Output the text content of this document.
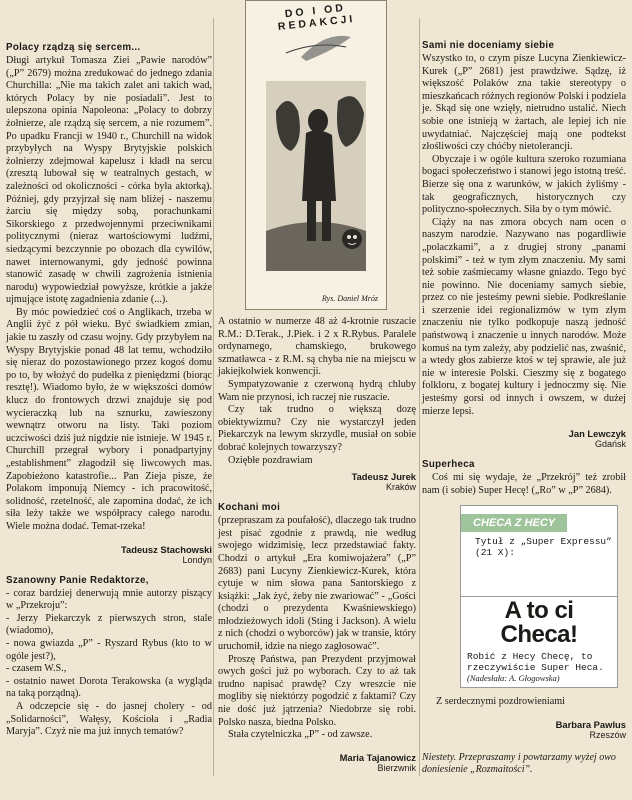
DO I OD REDAKCJI
Rys. Daniel Mróz
Polacy rządzą się sercem...

Długi artykuł Tomasza Ziei „Pawie narodów” („P” 2679) można zredukować do jednego zdania Churchilla: „Nie ma takich zalet ani takich wad, których Polacy by nie posiadali”. Jest to ulepszona opinia Napoleona: „Polacy to dobrzy żołnierze, ale rządzą się sercem, a nie rozumem”. Po upadku Francji w 1940 r., Churchill na widok przybyłych na Wyspy Brytyjskie polskich żołnierzy zdejmował kapelusz i kładł na sercu (zresztą lubował się w teatralnych gestach, w zależności od okoliczności - córka była aktorką). Później, gdy przyjrzał się nam bliżej - naszemu żarciu się między sobą, porachunkami Sikorskiego z przedwojennymi przeciwnikami politycznymi (nieraz wartościowymi ludźmi, siedzącymi bezczynnie po obozach dla cywilów, nawet internowanymi, gdy jedność powinna stanowić zasadę w chwili zagrożenia istnienia narodu) wypowiedział powyższe, krótkie a jakże ujmujące istotę zagadnienia zdanie (...).

By móc powiedzieć coś o Anglikach, trzeba w Anglii żyć z pół wieku. Być świadkiem zmian, jakie tu zaszły od czasu wojny. Gdy przybyłem na Wyspy Brytyjskie ponad 48 lat temu, wchodziło się nieraz do pozostawionego przez kogoś domu po to, by włożyć do pudełka z pieniędzmi (biorąc resztę!). Wiadomo było, że w większości domów klucz do frontowych drzwi znajduje się pod wycieraczką lub na sznurku, zawieszony wewnątrz otworu na listy. Taki poziom uczciwości dziś już nigdzie nie istnieje. W 1945 r. Churchill przegrał wybory i ponadpartyjny „establishment” złagodził się liwcowych mas. Zapobieżono katastrofie... Pan Zieja pisze, że Polakom imponują Niemcy - ich pracowitość, solidność, rzetelność, ale zapomina dodać, że ich siła leży także we współpracy całego narodu. Wiele można dodać. Temat-rzeka!

Tadeusz Stachowski
Londyn
Szanowny Panie Redaktorze,
- coraz bardziej denerwują mnie autorzy piszący w „Przekroju”:
- Jerzy Piekarczyk z pierwszych stron, stale (wiadomo),
- nowa gwiazda „P” - Ryszard Rybus (kto to w ogóle jest?),
- czasem W.S.,
- ostatnio nawet Dorota Terakowska (a wygląda na taką porządną).

A odczepcie się - do jasnej cholery - od „Solidarności”, Wałęsy, Kościoła i „Radia Maryja”. Czyż nie ma już innych tematów?

A ostatnio w numerze 48 aż 4-krotnie ruszacie R.M.: D.Terak., J.Piek. i 2 x R.Rybus. Paralele ordynarnego, chamskiego, brukowego szmatławca - z R.M. są chyba nie na miejscu w jakiejkolwiek konwencji.

Sympatyzowanie z czerwoną hydrą chluby Wam nie przynosi, ich raczej nie ruszacie.

Czy tak trudno o większą dozę obiektywizmu? Czy nie wystarczył jeden Piekarczyk na lewym skrzydle, musiał on sobie dobrać kolejnych towarzyszy?

Oziębłe pozdrawiam

Tadeusz Jurek
Kraków
Kochani moi

(przepraszam za poufałość), dlaczego tak trudno jest pisać zgodnie z prawdą, nie według swojego widzimisię, lecz przedstawiać fakty. Chodzi o artykuł „Era komiwojażera” („P” 2683) pani Lucyny Zienkiewicz-Kurek, która cytuje w nim słowa pana Santorskiego z książki: „Jak żyć, żeby nie zwariować” - „Gości (chodzi o prezydenta Kwaśniewskiego) młodzieżowych idoli (Sting i Jackson). A wielu z nich (chodzi o wyborców) jak w transie, który uruchomił, idzie na niego zagłosować”.

Proszę Państwa, pan Prezydent przyjmował owych gości już po wyborach. Czy to aż tak trudno napisać prawdę? Czy wreszcie nie mogliby się niektórzy pogodzić z faktami? Czy nie dość już jątrzenia? Niedobrze się robi. Polsko nasza, biedna Polsko.

Stała czytelniczka „P” - od zawsze.

Maria Tajanowicz
Bierzwnik
Sami nie doceniamy siebie

Wszystko to, o czym pisze Lucyna Zienkiewicz-Kurek („P” 2681) jest prawdziwe. Sądzę, iż większość Polaków zna takie stereotypy o mieszkańcach różnych regionów Polski i podziela je. Skąd się one wzięły, nietrudno ustalić. Niech sobie one istnieją w żartach, ale lepiej ich nie uwydatniać. Najczęściej mają one podtekst złośliwości czy chóćby nietolerancji.

Obyczaje i w ogóle kultura szeroko rozumiana bogaci społeczeństwo i stanowi jego istotną treść. Bierze się ona z warunków, w jakich żyliśmy - tak geograficznych, historycznych czy polityczno-społecznych. Siła by o tym mówić.

Ciąży na nas zmora obcych nam ocen o naszym narodzie. Nazywano nas pogardliwie „polaczkami”, a z drugiej strony „panami polskimi” - też w tym złym znaczeniu. My sami też sobie zaśmiecamy własne gniazdo. Tego być nie powinno. Nie doceniamy samych siebie, przez co nie jesteśmy pewni siebie. Podkreślanie i szerzenie idei regionalizmów w tym złym znaczeniu nie tylko podkopuje naszą jedność państwową i znaczenie u innych narodów. Może komuś na tym zależy, aby podzielić nas, zwaśnić, a wtedy głos zabierze ktoś w tej sprawie, ale już nie w interesie Polski. Cieszmy się z bogatego folkloru, z bogatej kultury i jednoczmy się. Nie jesteśmy gorsi od innych i owszem, w dużej mierze lepsi.

Jan Lewczyk
Gdańsk
Superheca

Coś mi się wydaje, że „Przekrój” też zrobił nam (i sobie) Super Hecę! („Ro” w „P” 2684).

CHECA Z HECY
Tytuł z „Super Expressu” (21 X):
A to ci
Checa!
Robić z Hecy Checę, to rzeczywiście Super Heca.
(Nadesłała: A. Głogowska)
Z serdecznymi pozdrowieniami
Barbara Pawlus
Rzeszów
Niestety. Przepraszamy i powtarzamy wyżej owo doniesienie „Rozmaitości”.
